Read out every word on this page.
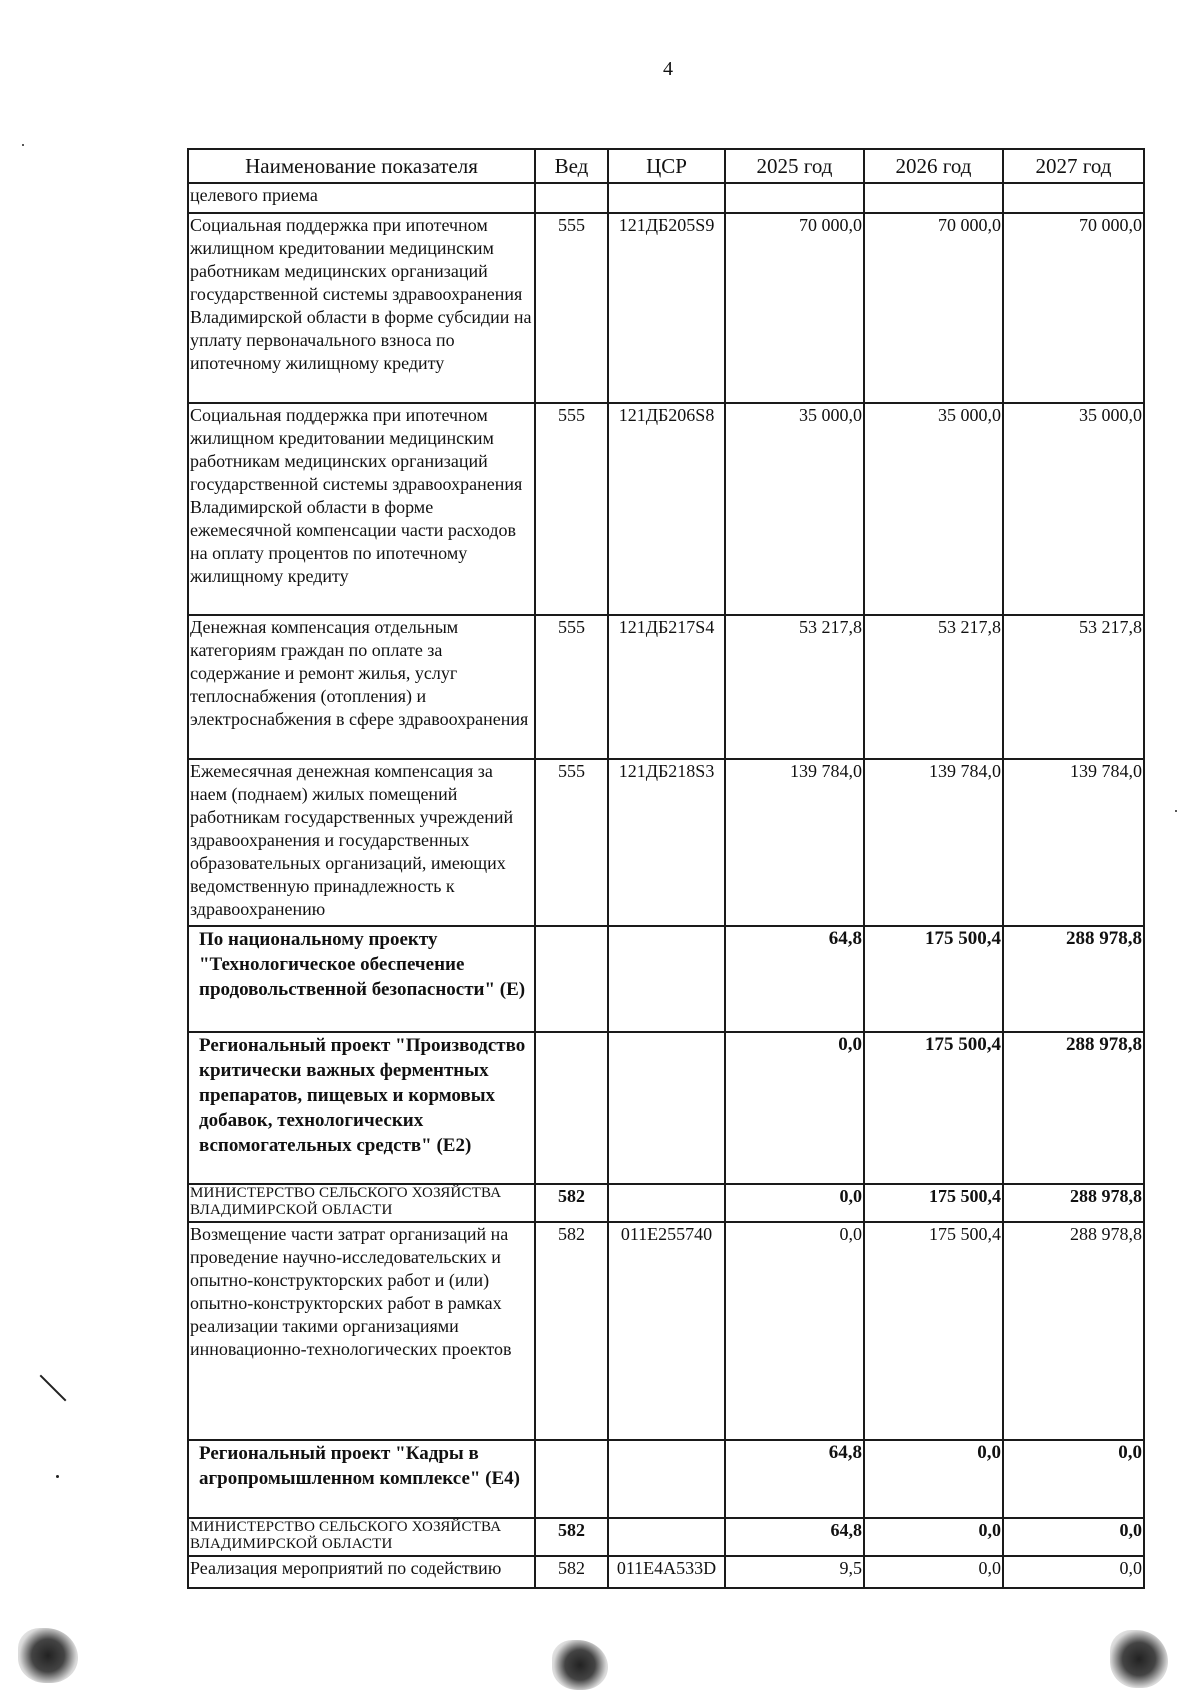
4
Наименование показателя	Вед	ЦСР	2025 год	2026 год	2027 год
целевого приема					
Социальная поддержка при ипотечном жилищном кредитовании медицинским работникам медицинских организаций государственной системы здравоохранения Владимирской области в форме субсидии на уплату первоначального взноса по ипотечному жилищному кредиту	555	121ДБ205S9	70 000,0	70 000,0	70 000,0
Социальная поддержка при ипотечном жилищном кредитовании медицинским работникам медицинских организаций государственной системы здравоохранения Владимирской области в форме ежемесячной компенсации части расходов на оплату процентов по ипотечному жилищному кредиту	555	121ДБ206S8	35 000,0	35 000,0	35 000,0
Денежная компенсация отдельным категориям граждан по оплате за содержание и ремонт жилья, услуг теплоснабжения (отопления) и электроснабжения в сфере здравоохранения	555	121ДБ217S4	53 217,8	53 217,8	53 217,8
Ежемесячная денежная компенсация за наем (поднаем) жилых помещений работникам государственных учреждений здравоохранения и государственных образовательных организаций, имеющих ведомственную принадлежность к здравоохранению	555	121ДБ218S3	139 784,0	139 784,0	139 784,0
По национальному проекту "Технологическое обеспечение продовольственной безопасности" (Е)			64,8	175 500,4	288 978,8
Региональный проект "Производство критически важных ферментных препаратов, пищевых и кормовых добавок, технологических вспомогательных средств" (Е2)			0,0	175 500,4	288 978,8
МИНИСТЕРСТВО СЕЛЬСКОГО ХОЗЯЙСТВА ВЛАДИМИРСКОЙ ОБЛАСТИ	582		0,0	175 500,4	288 978,8
Возмещение части затрат организаций на проведение научно-исследовательских и опытно-конструкторских работ и (или) опытно-конструкторских работ в рамках реализации такими организациями инновационно-технологических проектов	582	011Е255740	0,0	175 500,4	288 978,8
Региональный проект "Кадры в агропромышленном комплексе" (Е4)			64,8	0,0	0,0
МИНИСТЕРСТВО СЕЛЬСКОГО ХОЗЯЙСТВА ВЛАДИМИРСКОЙ ОБЛАСТИ	582		64,8	0,0	0,0
Реализация мероприятий по содействию	582	011Е4А533D	9,5	0,0	0,0
